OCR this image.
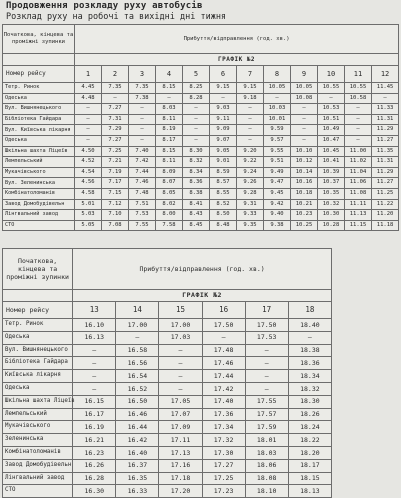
Продовження розкладу руху автобусів
Розклад руху на робочі та вихідні дні тижня
Початкова, кінцева та проміжні зупинки	Прибуття/відправлення (год. хв.)											
	ГРАФІК №2											
Номер рейсу	1	2	3	4	5	6	7	8	9	10	11	12
Тетр. Ринок	4.45	7.35	7.35	8.15	8.25	9.15	9.15	10.05	10.05	10.55	10.55	11.45
Одеська	4.48	—	7.38	—	8.28	—	9.18	—	10.08	—	10.58	—
Вул. Вишнянецького	—	7.27	—	8.03	—	9.03	—	10.03	—	10.53	—	11.33
Бібліотека Гайдара	—	7.31	—	8.11	—	9.11	—	10.01	—	10.51	—	11.31
Вул. Київська лікарня	—	7.29	—	8.19	—	9.09	—	9.59	—	10.49	—	11.29
Одеська	—	7.27	—	8.17	—	9.07	—	9.57	—	10.47	—	11.27
Шкільна шахта Ліцеїв	4.50	7.25	7.40	8.15	8.30	9.05	9.20	9.55	10.10	10.45	11.00	11.35
Лемпельський	4.52	7.21	7.42	8.11	8.32	9.01	9.22	9.51	10.12	10.41	11.02	11.31
Мукачівського	4.54	7.19	7.44	8.09	8.34	8.59	9.24	9.49	10.14	10.39	11.04	11.29
Вул. Зеленинська	4.56	7.17	7.46	8.07	8.36	8.57	9.26	9.47	10.16	10.37	11.06	11.27
Комбінатоломанів	4.58	7.15	7.48	8.05	8.38	8.55	9.28	9.45	10.18	10.35	11.08	11.25
Завод Домобудівельн	5.01	7.12	7.51	8.02	8.41	8.52	9.31	9.42	10.21	10.32	11.11	11.22
Лінгвальний завод	5.03	7.10	7.53	8.00	8.43	8.50	9.33	9.40	10.23	10.30	11.13	11.20
СТО	5.05	7.08	7.55	7.58	8.45	8.48	9.35	9.38	10.25	10.28	11.15	11.18
Початкова, кінцева та проміжні зупинки	Прибуття/відправлення (год. хв.)					
	ГРАФІК №2					
Номер рейсу	13	14	15	16	17	18
Тетр. Ринок	16.10	17.00	17.00	17.50	17.50	18.40
Одеська	16.13	—	17.03	—	17.53	—
Вул. Вишнянецького	—	16.58	—	17.48	—	18.38
Бібліотека Гайдара	—	16.56	—	17.46	—	18.36
Київська лікарня	—	16.54	—	17.44	—	18.34
Одеська	—	16.52	—	17.42	—	18.32
Шкільна шахта Ліцеїв	16.15	16.50	17.05	17.40	17.55	18.30
Лемпельський	16.17	16.46	17.07	17.36	17.57	18.26
Мукачівського	16.19	16.44	17.09	17.34	17.59	18.24
Зеленинська	16.21	16.42	17.11	17.32	18.01	18.22
Комбінатоломанів	16.23	16.40	17.13	17.30	18.03	18.20
Завод Домобудівельн	16.26	16.37	17.16	17.27	18.06	18.17
Лінгвальний завод	16.28	16.35	17.18	17.25	18.08	18.15
СТО	16.30	16.33	17.20	17.23	18.10	18.13
